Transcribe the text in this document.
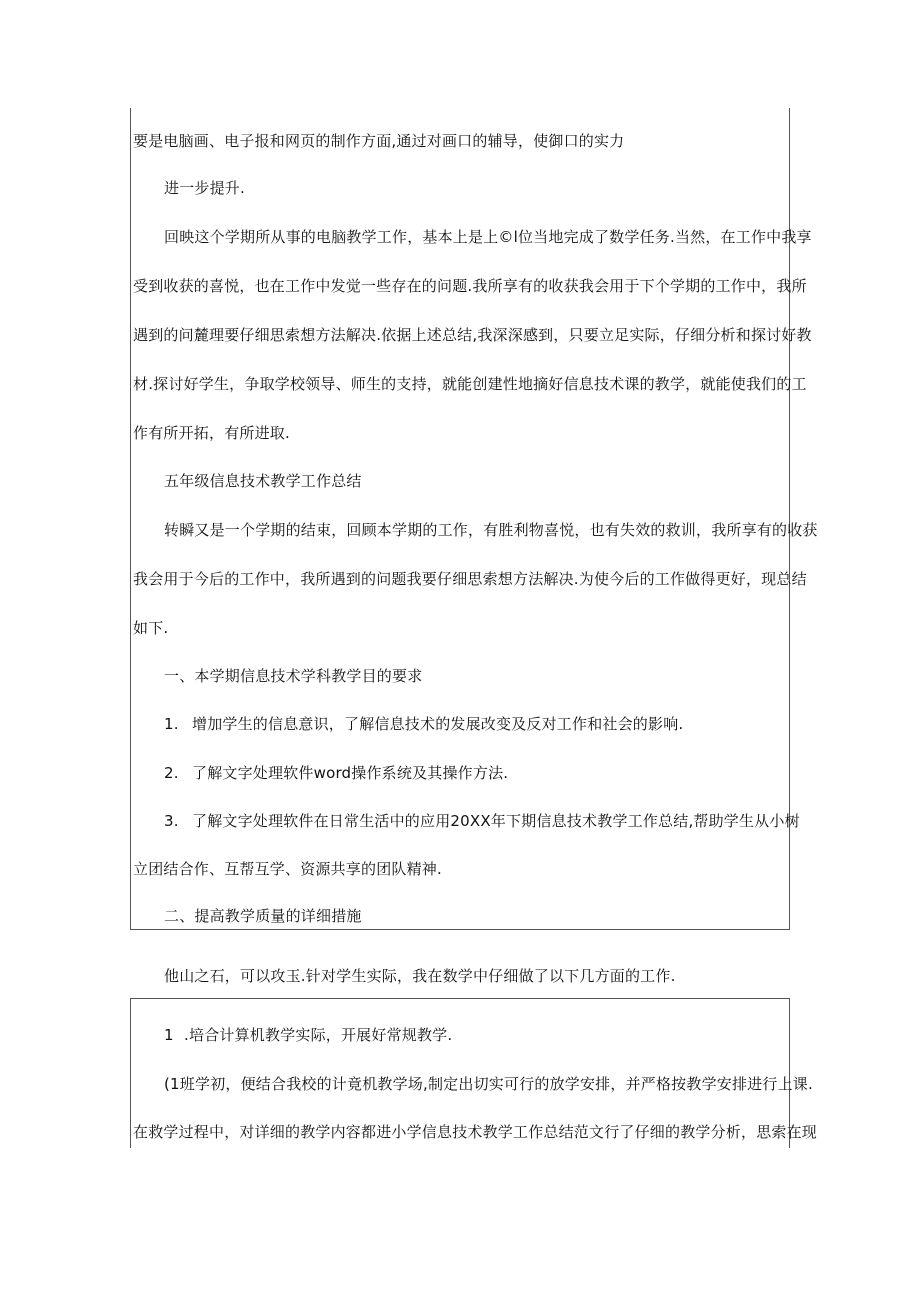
要是电脑画、电子报和网页的制作方面,通过对画口的辅导，使御口的实力
进一步提升.
回映这个学期所从事的电脑教学工作，基本上是上©l位当地完成了数学任务.当然，在工作中我享
受到收获的喜悦，也在工作中发觉一些存在的问题.我所享有的收获我会用于下个学期的工作中，我所
遇到的问麓理要仔细思索想方法解决.依据上述总结,我深深感到，只要立足实际，仔细分析和探讨好教
材.探讨好学生，争取学校领导、师生的支持，就能创建性地摘好信息技术课的教学，就能使我们的工
作有所开拓，有所进取.
五年级信息技术教学工作总结
转瞬又是一个学期的结束，回顾本学期的工作，有胜利物喜悦，也有失效的救训，我所享有的收获
我会用于今后的工作中，我所遇到的问题我要仔细思索想方法解决.为使今后的工作做得更好，现总结
如下.
一、本学期信息技术学科教学目的要求
1. 增加学生的信息意识，了解信息技术的发展改变及反对工作和社会的影响.
2. 了解文字处理软件word操作系统及其操作方法.
3. 了解文字处理软件在日常生活中的应用20XX年下期信息技术教学工作总结,帮助学生从小树
立团结合作、互帮互学、资源共享的团队精神.
二、提高教学质量的详细措施
他山之石，可以攻玉.针对学生实际，我在数学中仔细做了以下几方面的工作.
1 .培合计算机教学实际，开展好常规教学.
(1班学初，便结合我校的计竟机教学场,制定出切实可行的放学安排，并严格按教学安排进行上课.
在救学过程中，对详细的教学内容都进小学信息技术教学工作总结范文行了仔细的教学分析，思索在现
